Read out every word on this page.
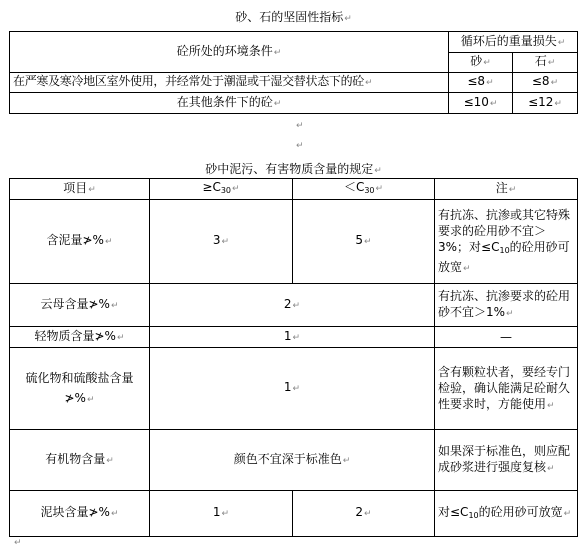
砂、石的坚固性指标↵
砼所处的环境条件↵	循环后的重量损失↵	
	砂↵	石↵
在严寒及寒冷地区室外使用，并经常处于潮湿或干湿交替状态下的砼↵	≤8↵	≤8↵
在其他条件下的砼↵	≤10↵	≤12↵
↵
↵
砂中泥污、有害物质含量的规定↵
项目↵	$\ge C_{30}↵$	$<C_{30}↵$	注↵
含泥量≯%↵	3↵	5↵	有抗冻、抗渗或其它特殊要求的砼用砂不宜＞3%；对$\le C_{10}$的砼用砂可放宽↵
云母含量≯%↵	2↵		有抗冻、抗渗要求的砼用砂不宜＞1%↵
轻物质含量≯%↵	1↵		—
硫化物和硫酸盐含量≯%↵	1↵		含有颗粒状者，要经专门检验，确认能满足砼耐久性要求时，方能使用↵
有机物含量↵	颜色不宜深于标准色↵		如果深于标准色，则应配成砂浆进行强度复核↵
泥块含量≯%↵	1↵	2↵	对$\le C_{10}$的砼用砂可放宽↵
↵
